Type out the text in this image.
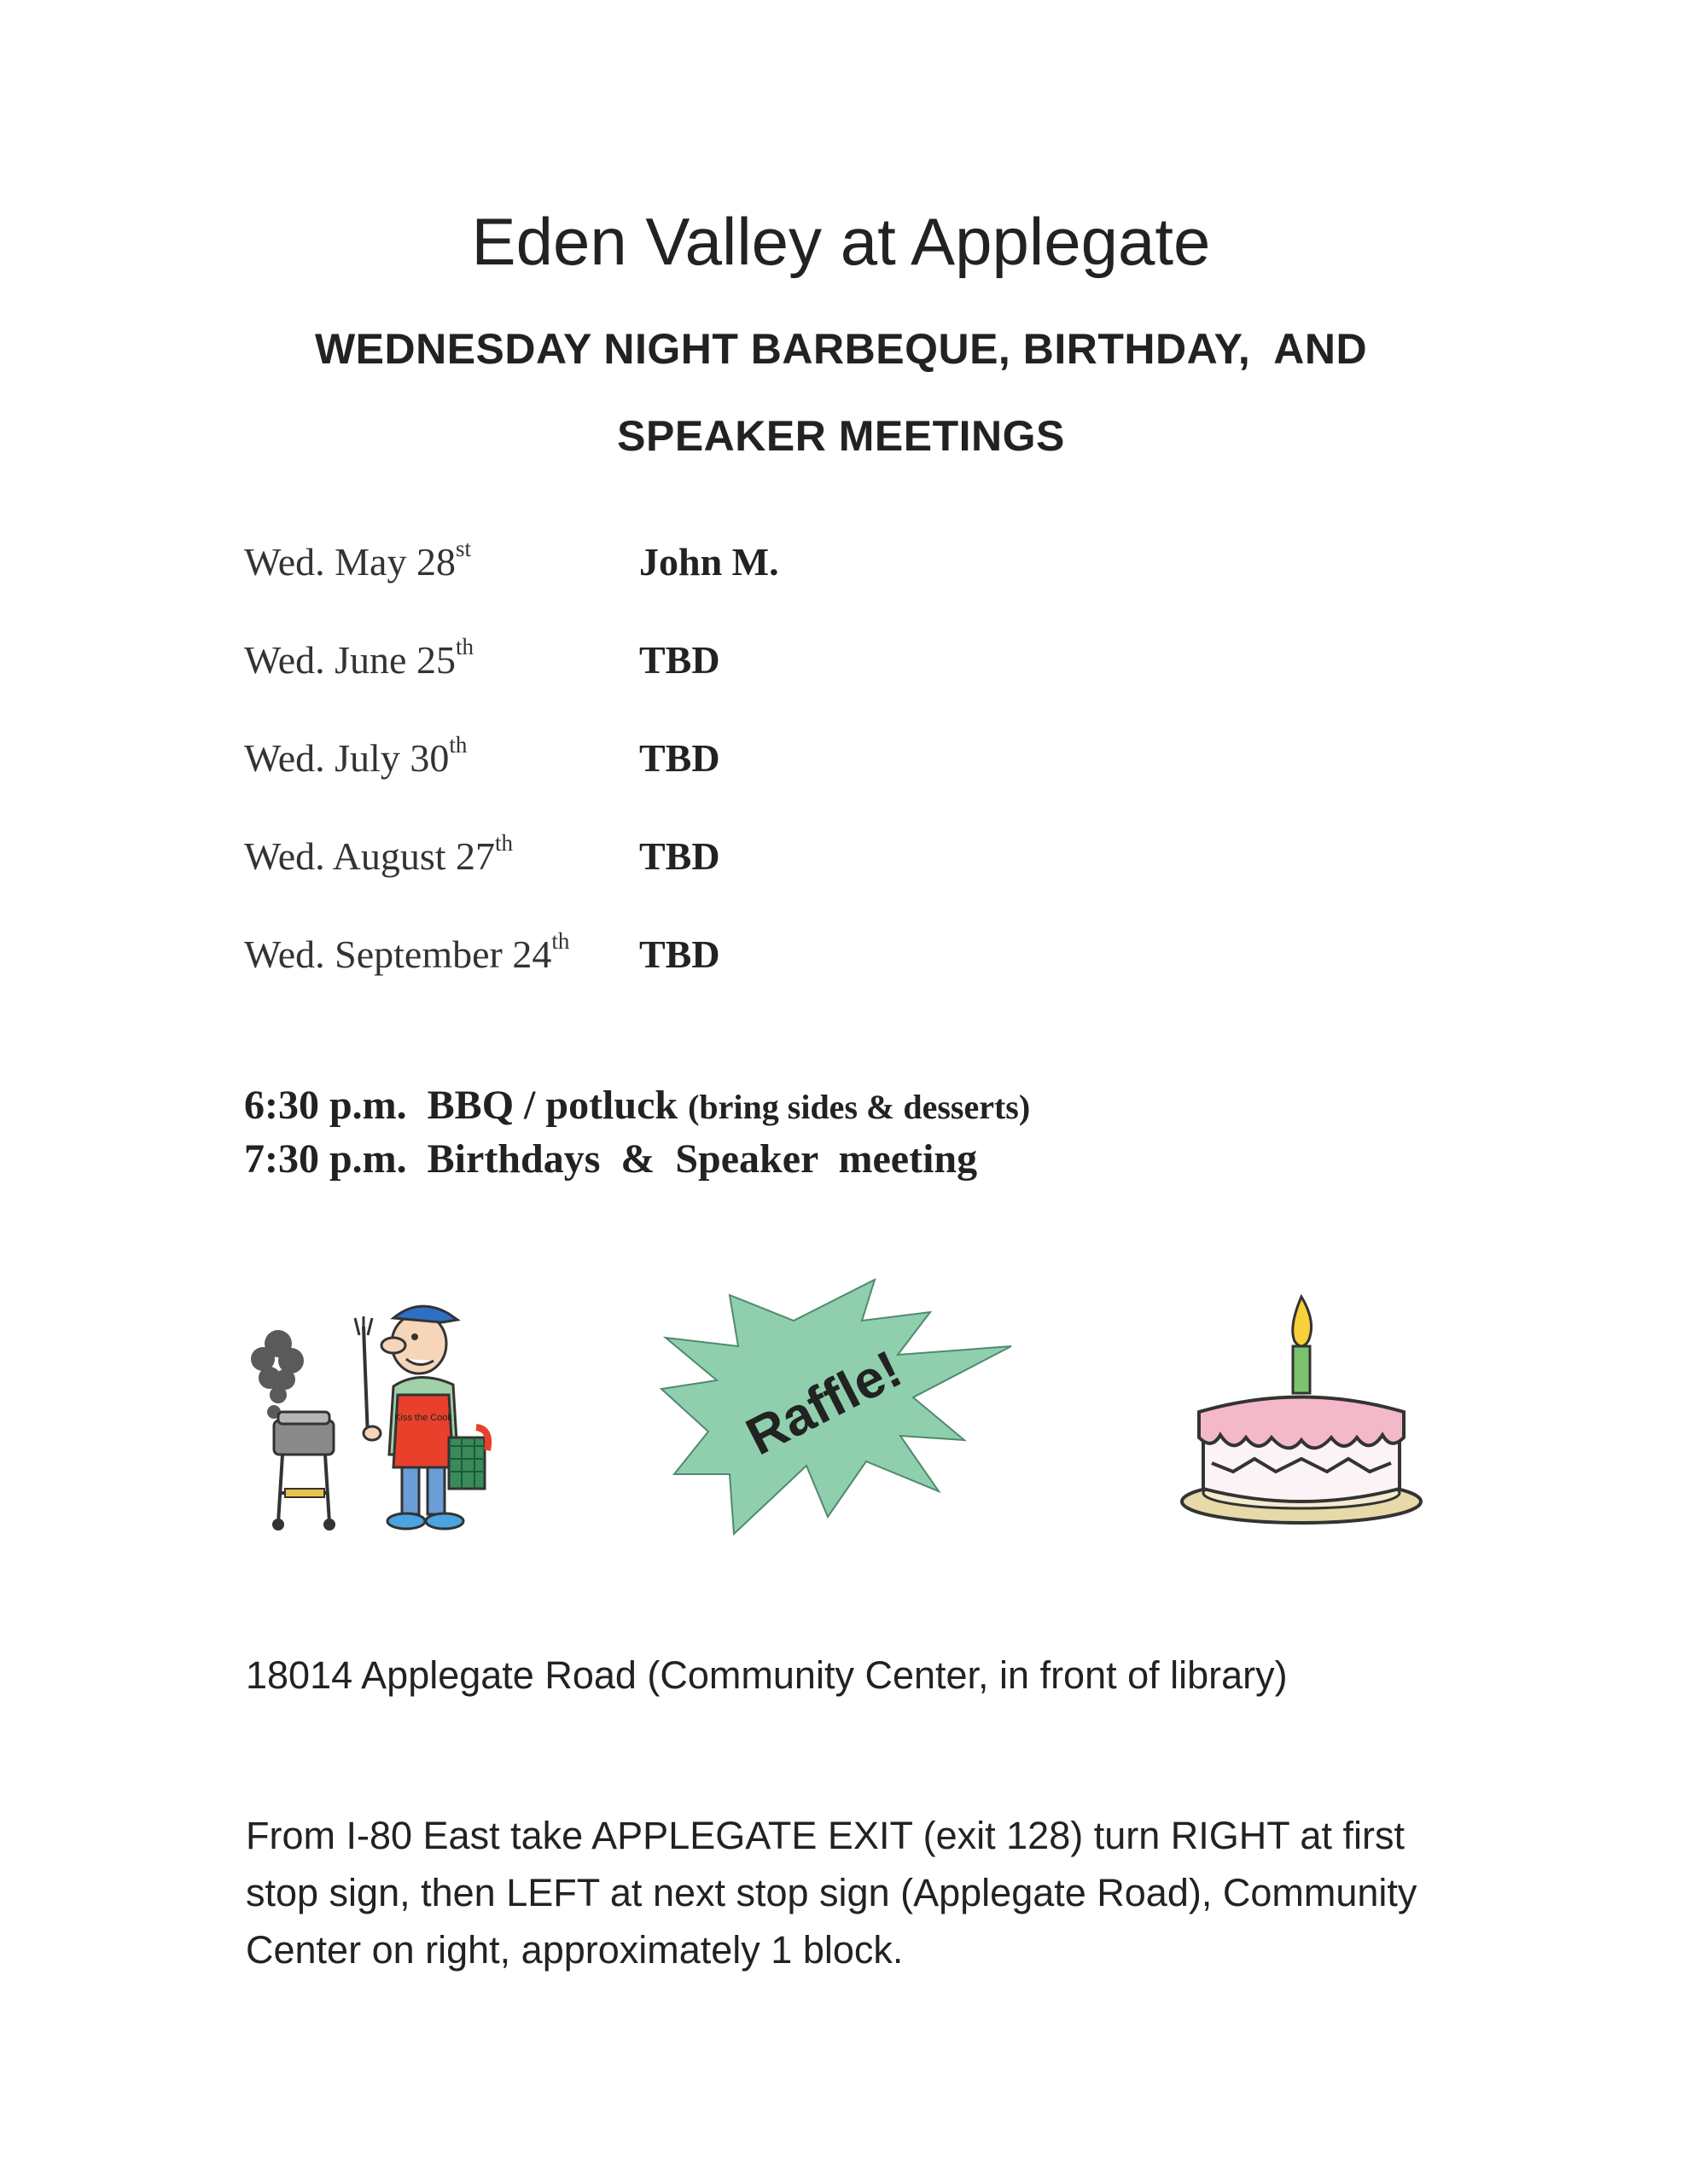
Eden Valley at Applegate
WEDNESDAY NIGHT BARBEQUE, BIRTHDAY,  AND
SPEAKER MEETINGS
Wed. May 28st	John M.
Wed. June 25th	TBD
Wed. July 30th	TBD
Wed. August 27th	TBD
Wed. September 24th TBD
6:30 p.m.  BBQ / potluck (bring sides & desserts)
7:30 p.m.  Birthdays  &  Speaker  meeting
Kiss the Cook	Raffle!
18014 Applegate Road (Community Center, in front of library)
From I-80 East take APPLEGATE EXIT (exit 128) turn RIGHT at first stop sign, then LEFT at next stop sign (Applegate Road), Community Center on right, approximately 1 block.
